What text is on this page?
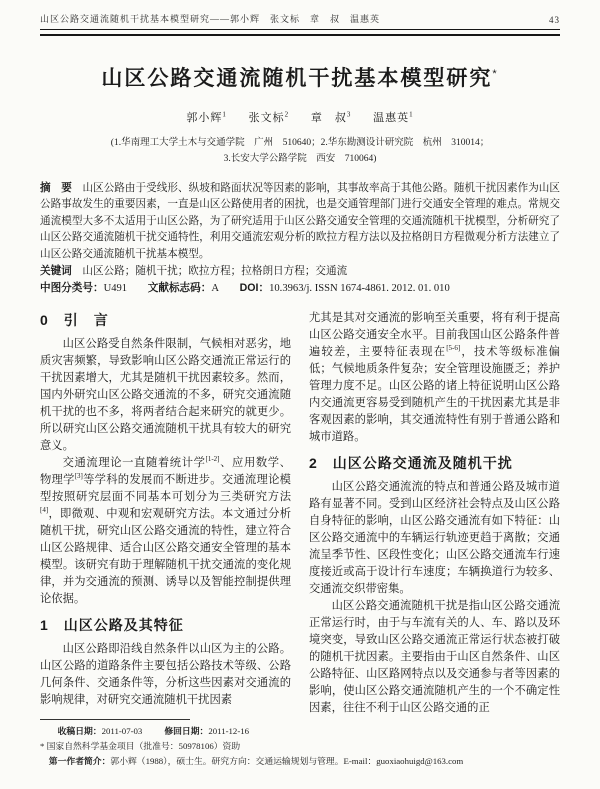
山区公路交通流随机干扰基本模型研究——郭小辉　张文标　章　叔　温惠英	43
山区公路交通流随机干扰基本模型研究*
郭小辉$^1$ 张文标$^2$ 章　叔$^3$ 温惠英$^1$
(1.华南理工大学土木与交通学院　广州　510640；2.华东勘测设计研究院　杭州　310014；
3.长安大学公路学院　西安　710064)

摘　要　 山区公路由于受线形、纵坡和路面状况等因素的影响，其事故率高于其他公路。随机干扰因素作为山区公路事故发生的重要因素，一直是山区公路使用者的困扰，也是交通管理部门进行交通安全管理的难点。常规交通流模型大多不太适用于山区公路，为了研究适用于山区公路交通安全管理的交通流随机干扰模型，分析研究了山区公路交通流随机干扰交通特性，利用交通流宏观分析的欧拉方程方法以及拉格朗日方程微观分析方法建立了山区公路交通流随机干扰基本模型。

关键词　 山区公路；随机干扰；欧拉方程；拉格朗日方程；交通流

中图分类号：U491 文献标志码：A DOI：10.3963/j. ISSN 1674-4861. 2012. 01. 010

0　引　言

山区公路受自然条件限制，气候相对恶劣，地质灾害频繁，导致影响山区公路交通流正常运行的干扰因素增大，尤其是随机干扰因素较多。然而，国内外研究山区公路交通流的不多，研究交通流随机干扰的也不多，将两者结合起来研究的就更少。所以研究山区公路交通流随机干扰具有较大的研究意义。

交通流理论一直随着统计学[1-2]、应用数学、物理学[3]等学科的发展而不断进步。交通流理论模型按照研究层面不同基本可划分为三类研究方法[4]，即微观、中观和宏观研究方法。本文通过分析随机干扰，研究山区公路交通流的特性，建立符合山区公路规律、适合山区公路交通安全管理的基本模型。该研究有助于理解随机干扰交通流的变化规律，并为交通流的预测、诱导以及智能控制提供理论依据。

1　山区公路及其特征

山区公路即沿线自然条件以山区为主的公路。山区公路的道路条件主要包括公路技术等级、公路几何条件、交通条件等，分析这些因素对交通流的影响规律，对研究交通流随机干扰因素

尤其是其对交通流的影响至关重要，将有利于提高山区公路交通安全水平。目前我国山区公路条件普遍较差，主要特征表现在[5-6]，技术等级标准偏低；气候地质条件复杂；安全管理设施匮乏；养护管理力度不足。山区公路的诸上特征说明山区公路内交通流更容易受到随机产生的干扰因素尤其是非客观因素的影响，其交通流特性有别于普通公路和城市道路。

2　山区公路交通流及随机干扰

山区公路交通流流的特点和普通公路及城市道路有显著不同。受到山区经济社会特点及山区公路自身特征的影响，山区公路交通流有如下特征：山区公路交通流中的车辆运行轨迹更趋于离散；交通流呈季节性、区段性变化；山区公路交通流车行速度接近或高于设计行车速度；车辆换道行为较多、交通流交织带密集。

山区公路交通流随机干扰是指山区公路交通流正常运行时，由于与车流有关的人、车、路以及环境突变，导致山区公路交通流正常运行状态被打破的随机干扰因素。主要指由于山区自然条件、山区公路特征、山区路网特点以及交通参与者等因素的影响，使山区公路交通流随机产生的一个不确定性因素，往往不利于山区公路交通的正

收稿日期：2011-07-03	修回日期：2011-12-16
* 国家自然科学基金项目（批准号：50978106）资助
第一作者简介：郭小辉（1988），硕士生。研究方向：交通运输规划与管理。E-mail：guoxiaohuigd@163.com
